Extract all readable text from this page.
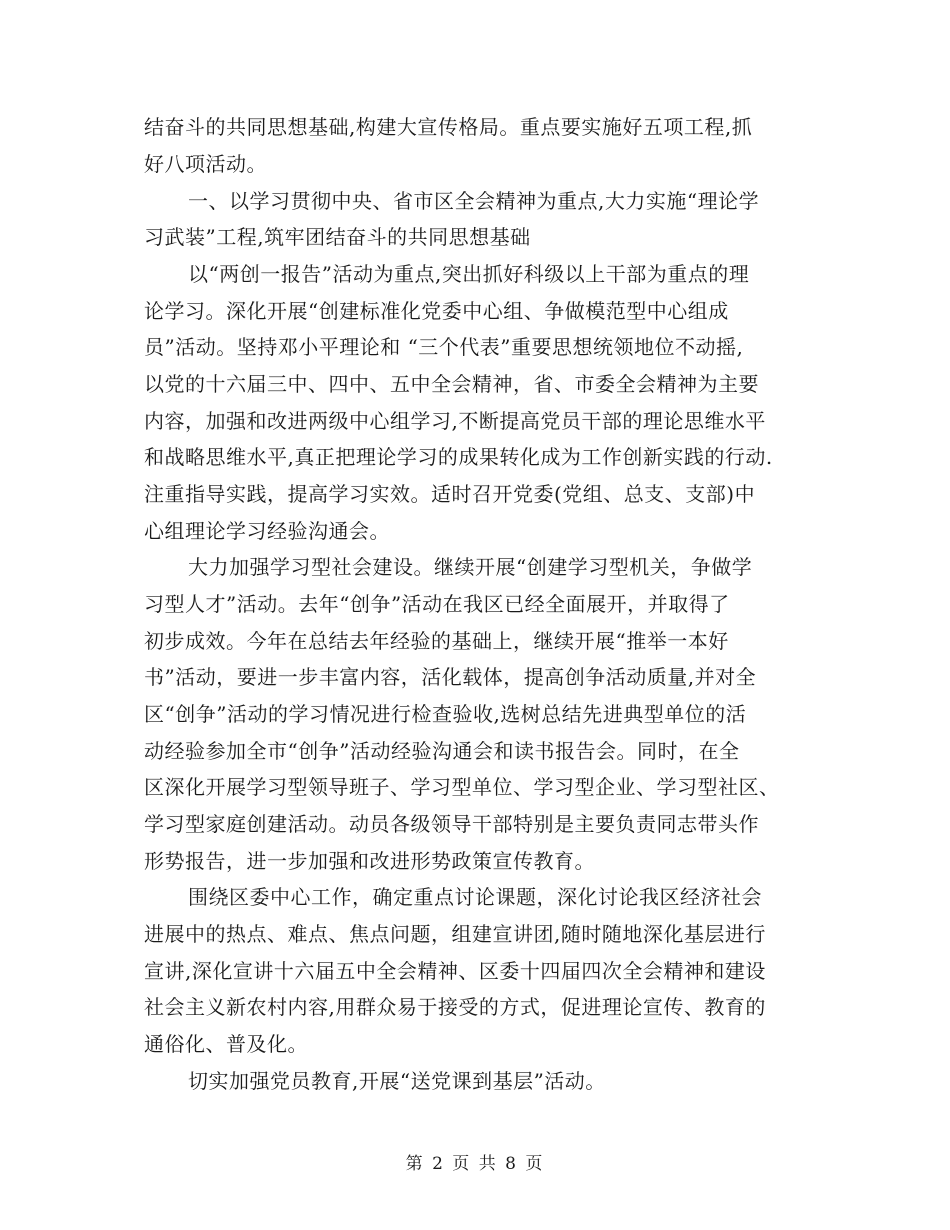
结奋斗的共同思想基础,构建大宣传格局。重点要实施好五项工程,抓
好八项活动。
一、以学习贯彻中央、省市区全会精神为重点,大力实施“理论学
习武装”工程,筑牢团结奋斗的共同思想基础
以“两创一报告”活动为重点,突出抓好科级以上干部为重点的理
论学习。深化开展“创建标准化党委中心组、争做模范型中心组成
员”活动。坚持邓小平理论和 “三个代表”重要思想统领地位不动摇,
以党的十六届三中、四中、五中全会精神，省、市委全会精神为主要
内容，加强和改进两级中心组学习,不断提高党员干部的理论思维水平
和战略思维水平,真正把理论学习的成果转化成为工作创新实践的行动.
注重指导实践，提高学习实效。适时召开党委(党组、总支、支部)中
心组理论学习经验沟通会。
大力加强学习型社会建设。继续开展“创建学习型机关，争做学
习型人才”活动。去年“创争”活动在我区已经全面展开，并取得了
初步成效。今年在总结去年经验的基础上，继续开展“推举一本好
书”活动，要进一步丰富内容，活化载体，提高创争活动质量,并对全
区“创争”活动的学习情况进行检查验收,选树总结先进典型单位的活
动经验参加全市“创争”活动经验沟通会和读书报告会。同时，在全
区深化开展学习型领导班子、学习型单位、学习型企业、学习型社区、
学习型家庭创建活动。动员各级领导干部特别是主要负责同志带头作
形势报告，进一步加强和改进形势政策宣传教育。
围绕区委中心工作，确定重点讨论课题，深化讨论我区经济社会
进展中的热点、难点、焦点问题，组建宣讲团,随时随地深化基层进行
宣讲,深化宣讲十六届五中全会精神、区委十四届四次全会精神和建设
社会主义新农村内容,用群众易于接受的方式，促进理论宣传、教育的
通俗化、普及化。
切实加强党员教育,开展“送党课到基层”活动。
第 2 页 共 8 页
